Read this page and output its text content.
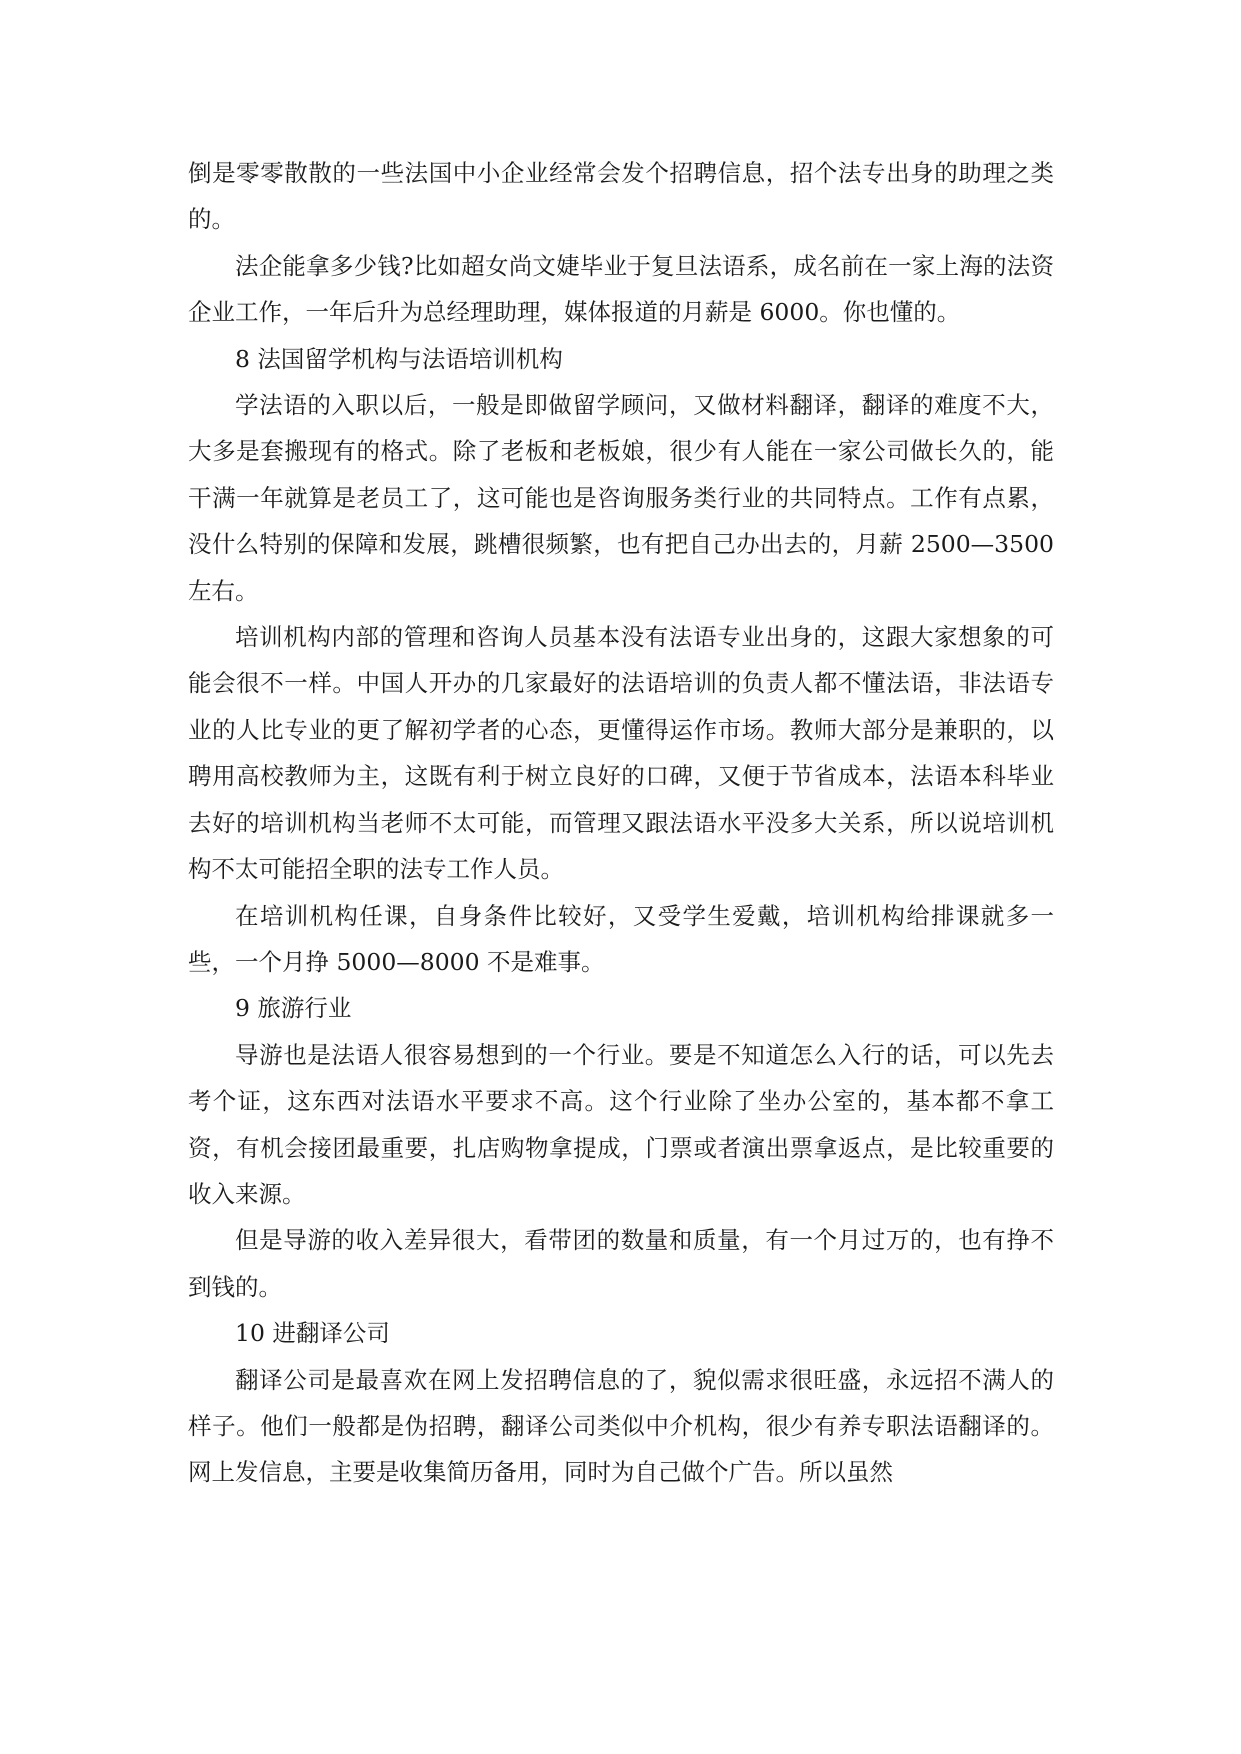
倒是零零散散的一些法国中小企业经常会发个招聘信息，招个法专出身的助理之类的。

法企能拿多少钱?比如超女尚文婕毕业于复旦法语系，成名前在一家上海的法资企业工作，一年后升为总经理助理，媒体报道的月薪是 6000。你也懂的。

8 法国留学机构与法语培训机构

学法语的入职以后，一般是即做留学顾问，又做材料翻译，翻译的难度不大，大多是套搬现有的格式。除了老板和老板娘，很少有人能在一家公司做长久的，能干满一年就算是老员工了，这可能也是咨询服务类行业的共同特点。工作有点累，没什么特别的保障和发展，跳槽很频繁，也有把自己办出去的，月薪 2500—3500 左右。

培训机构内部的管理和咨询人员基本没有法语专业出身的，这跟大家想象的可能会很不一样。中国人开办的几家最好的法语培训的负责人都不懂法语，非法语专业的人比专业的更了解初学者的心态，更懂得运作市场。教师大部分是兼职的，以聘用高校教师为主，这既有利于树立良好的口碑，又便于节省成本，法语本科毕业去好的培训机构当老师不太可能，而管理又跟法语水平没多大关系，所以说培训机构不太可能招全职的法专工作人员。

在培训机构任课，自身条件比较好，又受学生爱戴，培训机构给排课就多一些，一个月挣 5000—8000 不是难事。

9 旅游行业

导游也是法语人很容易想到的一个行业。要是不知道怎么入行的话，可以先去考个证，这东西对法语水平要求不高。这个行业除了坐办公室的，基本都不拿工资，有机会接团最重要，扎店购物拿提成，门票或者演出票拿返点，是比较重要的收入来源。

但是导游的收入差异很大，看带团的数量和质量，有一个月过万的，也有挣不到钱的。

10 进翻译公司

翻译公司是最喜欢在网上发招聘信息的了，貌似需求很旺盛，永远招不满人的样子。他们一般都是伪招聘，翻译公司类似中介机构，很少有养专职法语翻译的。网上发信息，主要是收集简历备用，同时为自己做个广告。所以虽然
